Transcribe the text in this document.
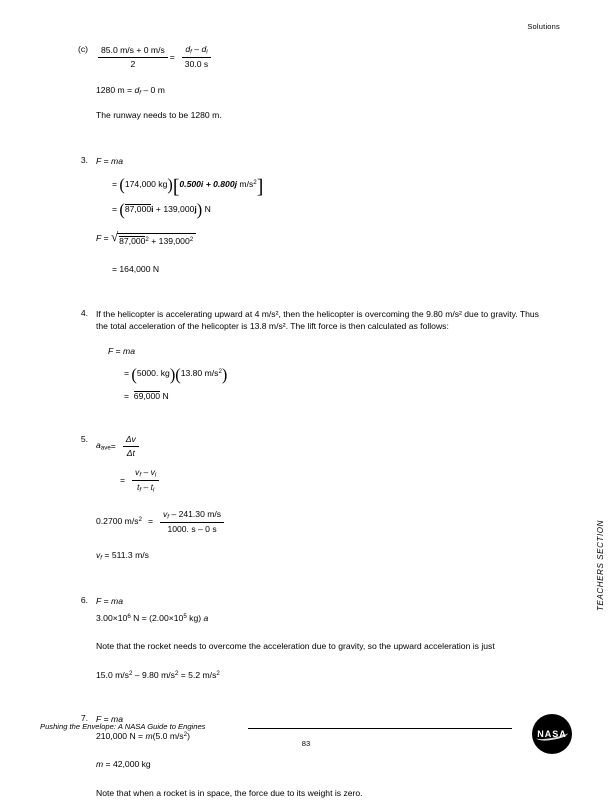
Solutions
TEACHERS SECTION
$(c) \frac{85.0 m/s + 0 m/s}{2} = \frac{d_f - d_i}{30.0 s}$
1280 $m = d_f - 0$ m
The runway needs to be 1280 m.
3. F = ma
= (174,000 kg)[0.500i + 0.800j $m/s^2$]
= (87,000i + 139,000j) N
F = √ $87,000^2 + 139,000^2$
= 164,000 N
4. If the helicopter is accelerating upward at 4 m/s², then the helicopter is overcoming the 9.80 m/s² due to gravity. Thus the total acceleration of the helicopter is 13.8 m/s². The lift force is then calculated as follows:
F = ma
= (5000. kg)(13.80 $m/s^2$)
=  69,000 N
5.
$a_{ave} = \frac{\Delta v}{\Delta t}$
= $\frac{v_f - v_i}{t_f - t_i}$
0.2700 $m/s^2 = \frac{v_f - 241.30 m/s}{1000. s - 0 s}$
$v_f = 511.3$ m/s
6. F = ma
$3.00\times 10^6$ $N = (2.00\times 10^5$ kg) a
Note that the rocket needs to overcome the acceleration due to gravity, so the upward acceleration is just
15.0 $m/s^2 - 9.80$ $m/s^2 = 5.2$ $m/s^2$
7. F = ma
210,000 N = m(5.0 $m/s^2$)
m = 42,000 kg
Note that when a rocket is in space, the force due to its weight is zero.
Pushing the Envelope: A NASA Guide to Engines
83
NASA
